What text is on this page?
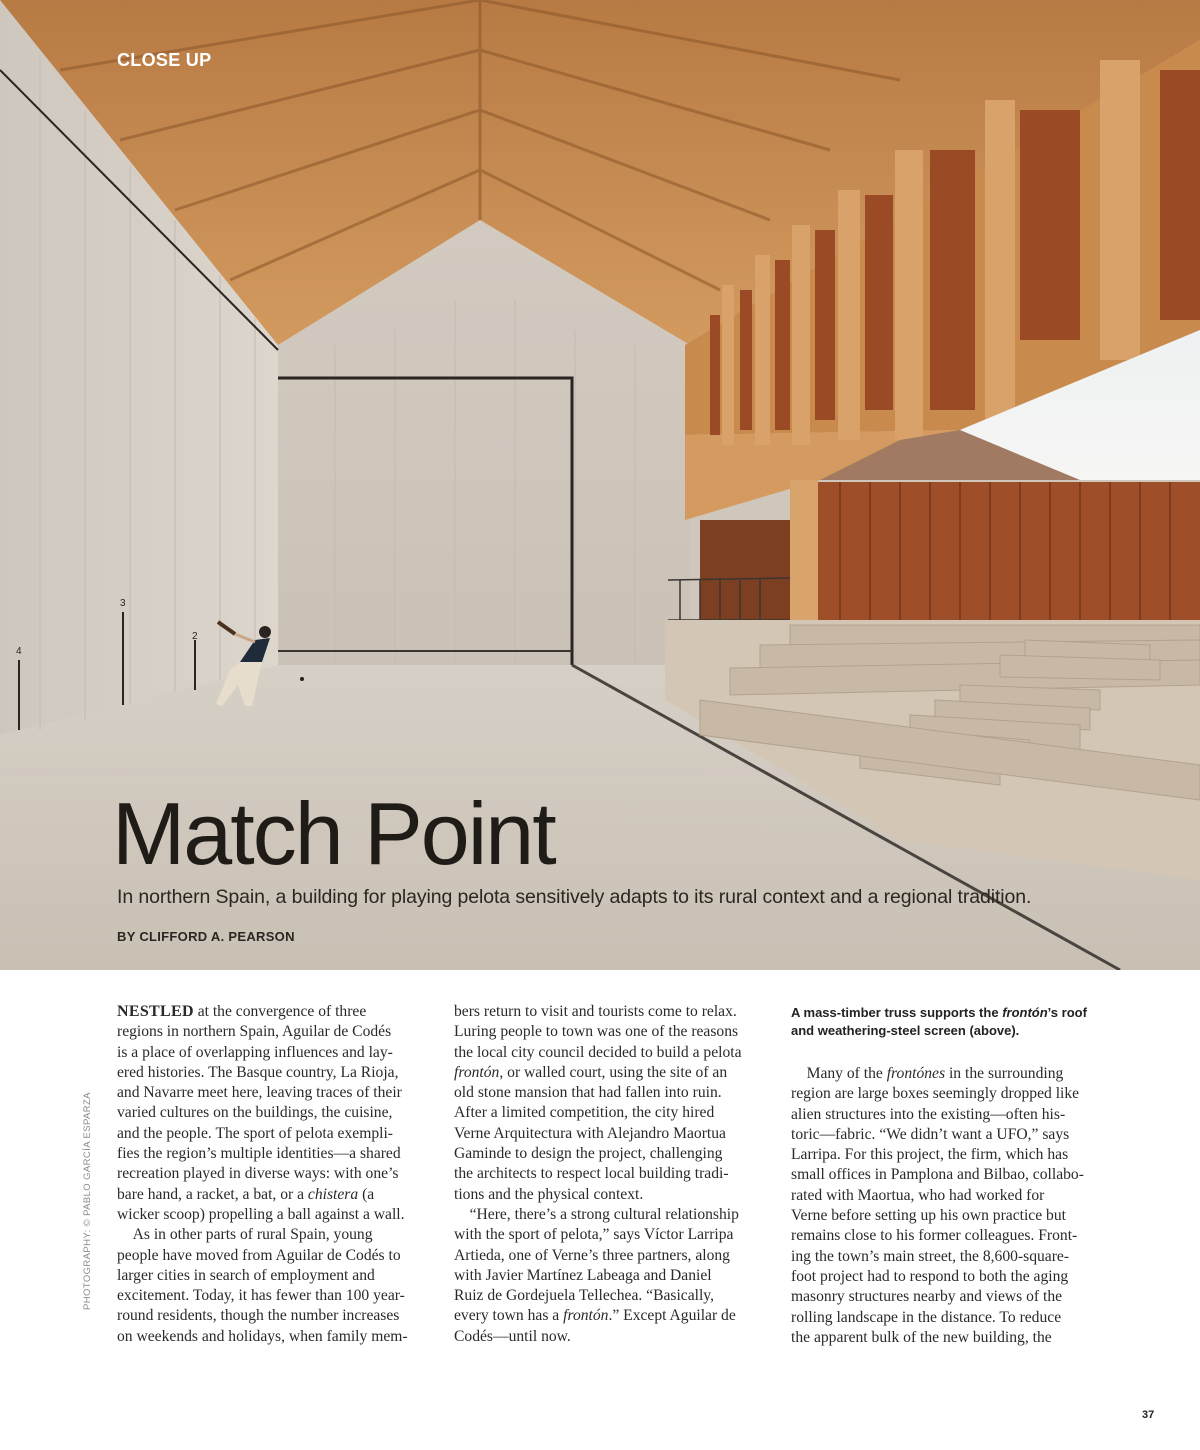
4
3
2
CLOSE UP
Match Point
In northern Spain, a building for playing pelota sensitively adapts to its rural context and a regional tradition.
BY CLIFFORD A. PEARSON
PHOTOGRAPHY: © PABLO GARCÍA ESPARZA
NESTLED at the convergence of three
regions in northern Spain, Aguilar de Codés
is a place of overlapping influences and lay-
ered histories. The Basque country, La Rioja,
and Navarre meet here, leaving traces of their
varied cultures on the buildings, the cuisine,
and the people. The sport of pelota exempli-
fies the region’s multiple identities—a shared
recreation played in diverse ways: with one’s
bare hand, a racket, a bat, or a chistera (a
wicker scoop) propelling a ball against a wall.
 As in other parts of rural Spain, young
people have moved from Aguilar de Codés to
larger cities in search of employment and
excitement. Today, it has fewer than 100 year-
round residents, though the number increases
on weekends and holidays, when family mem-
bers return to visit and tourists come to relax.
Luring people to town was one of the reasons
the local city council decided to build a pelota
frontón, or walled court, using the site of an
old stone mansion that had fallen into ruin.
After a limited competition, the city hired
Verne Arquitectura with Alejandro Maortua
Gaminde to design the project, challenging
the architects to respect local building tradi-
tions and the physical context.
 “Here, there’s a strong cultural relationship
with the sport of pelota,” says Víctor Larripa
Artieda, one of Verne’s three partners, along
with Javier Martínez Labeaga and Daniel
Ruiz de Gordejuela Tellechea. “Basically,
every town has a frontón.” Except Aguilar de
Codés—until now.
A mass-timber truss supports the frontón’s roof and weathering-steel screen (above).
 Many of the frontónes in the surrounding
region are large boxes seemingly dropped like
alien structures into the existing—often his-
toric—fabric. “We didn’t want a UFO,” says
Larripa. For this project, the firm, which has
small offices in Pamplona and Bilbao, collabo-
rated with Maortua, who had worked for
Verne before setting up his own practice but
remains close to his former colleagues. Front-
ing the town’s main street, the 8,600-square-
foot project had to respond to both the aging
masonry structures nearby and views of the
rolling landscape in the distance. To reduce
the apparent bulk of the new building, the
37
